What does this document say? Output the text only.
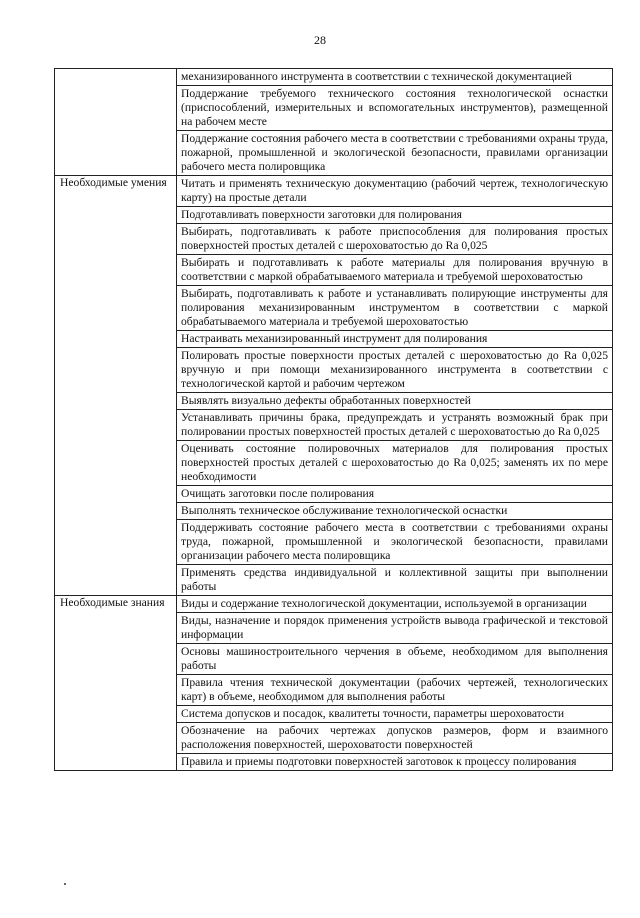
28
	механизированного инструмента в соответствии с технической документацией
	Поддержание требуемого технического состояния технологической оснастки (приспособлений, измерительных и вспомогательных инструментов), размещенной на рабочем месте
	Поддержание состояния рабочего места в соответствии с требованиями охраны труда, пожарной, промышленной и экологической безопасности, правилами организации рабочего места полировщика
Необходимые умения	Читать и применять техническую документацию (рабочий чертеж, технологическую карту) на простые детали
	Подготавливать поверхности заготовки для полирования
	Выбирать, подготавливать к работе приспособления для полирования простых поверхностей простых деталей с шероховатостью до Ra 0,025
	Выбирать и подготавливать к работе материалы для полирования вручную в соответствии с маркой обрабатываемого материала и требуемой шероховатостью
	Выбирать, подготавливать к работе и устанавливать полирующие инструменты для полирования механизированным инструментом в соответствии с маркой обрабатываемого материала и требуемой шероховатостью
	Настраивать механизированный инструмент для полирования
	Полировать простые поверхности простых деталей с шероховатостью до Ra 0,025 вручную и при помощи механизированного инструмента в соответствии с технологической картой и рабочим чертежом
	Выявлять визуально дефекты обработанных поверхностей
	Устанавливать причины брака, предупреждать и устранять возможный брак при полировании простых поверхностей простых деталей с шероховатостью до Ra 0,025
	Оценивать состояние полировочных материалов для полирования простых поверхностей простых деталей с шероховатостью до Ra 0,025; заменять их по мере необходимости
	Очищать заготовки после полирования
	Выполнять техническое обслуживание технологической оснастки
	Поддерживать состояние рабочего места в соответствии с требованиями охраны труда, пожарной, промышленной и экологической безопасности, правилами организации рабочего места полировщика
	Применять средства индивидуальной и коллективной защиты при выполнении работы
Необходимые знания	Виды и содержание технологической документации, используемой в организации
	Виды, назначение и порядок применения устройств вывода графической и текстовой информации
	Основы машиностроительного черчения в объеме, необходимом для выполнения работы
	Правила чтения технической документации (рабочих чертежей, технологических карт) в объеме, необходимом для выполнения работы
	Система допусков и посадок, квалитеты точности, параметры шероховатости
	Обозначение на рабочих чертежах допусков размеров, форм и взаимного расположения поверхностей, шероховатости поверхностей
	Правила и приемы подготовки поверхностей заготовок к процессу полирования
